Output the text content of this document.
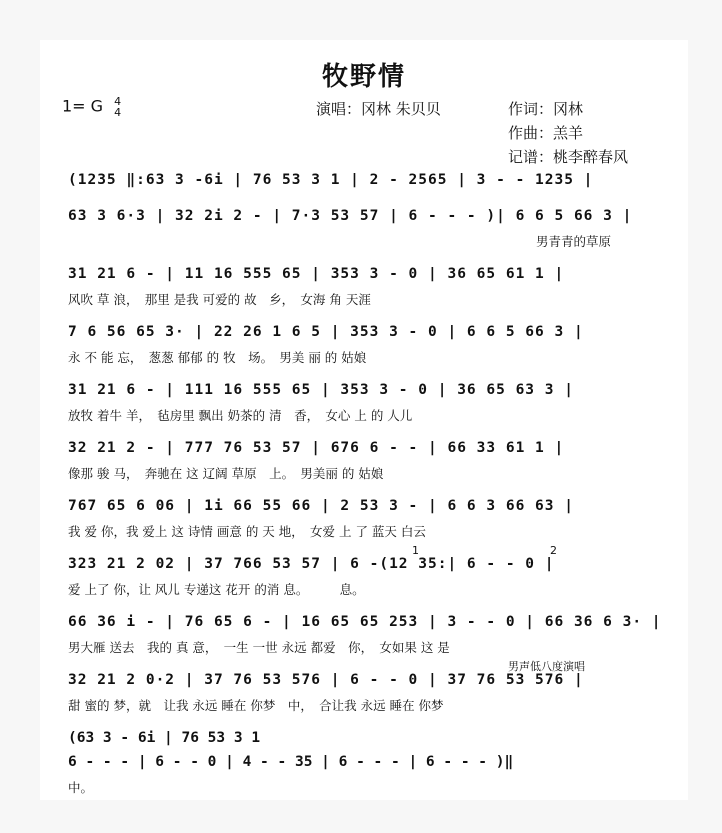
牧野情
1= G 4
4	演唱：冈林 朱贝贝	作词：冈林
作曲：羔羊
记谱：桃李醉春风
(1235 ‖:63 3 -6i | 76 53 3 1 | 2 - 2565 | 3 - - 1235 |
63 3 6·3 | 32 2i 2 - | 7·3 53 57 | 6 - - - )| 6 6 5 66 3 |
男青青的草原
31 21 6 - | 11 16 555 65 | 353 3 - 0 | 36 65 61 1 |
风吹 草 浪，　那里 是我 可爱的 故　乡，　女海 角 天涯
7 6 56 65 3· | 22 26 1 6 5 | 353 3 - 0 | 6 6 5 66 3 |
永 不 能 忘，　葱葱 郁郁 的 牧　场。　男美 丽 的 姑娘
31 21 6 - | 111 16 555 65 | 353 3 - 0 | 36 65 63 3 |
放牧 着牛 羊，　毡房里 飘出 奶茶的 清　香，　女心 上 的 人儿
32 21 2 - | 777 76 53 57 | 676 6 - - | 66 33 61 1 |
像那 骏 马，　奔驰在 这 辽阔 草原　上。　男美丽 的 姑娘
767 65 6 06 | 1i 66 55 66 | 2 53 3 - | 6 6 3 66 63 |
我 爱 你，我 爱上 这 诗情 画意 的 天 地，　女爱 上 了 蓝天 白云
1	2
323 21 2 02 | 37 766 53 57 | 6 -(12 35:| 6 - - 0 |
爱 上了 你，让 风儿 专递这 花开 的消 息。　　　息。
66 36 i - | 76 65 6 - | 16 65 65 253 | 3 - - 0 | 66 36 6 3· |
男大雁 送去　我的 真 意，　一生 一世 永远 都爱　你，　女如果 这 是
男声低八度演唱
32 21 2 0·2 | 37 76 53 576 | 6 - - 0 | 37 76 53 576 |
甜 蜜的 梦，就　让我 永远 睡在 你梦　中，　合让我 永远 睡在 你梦
(63 3 - 6i | 76 53 3 1
6 - - - | 6 - - 0 | 4 - - 35 | 6 - - - | 6 - - - )‖
中。
